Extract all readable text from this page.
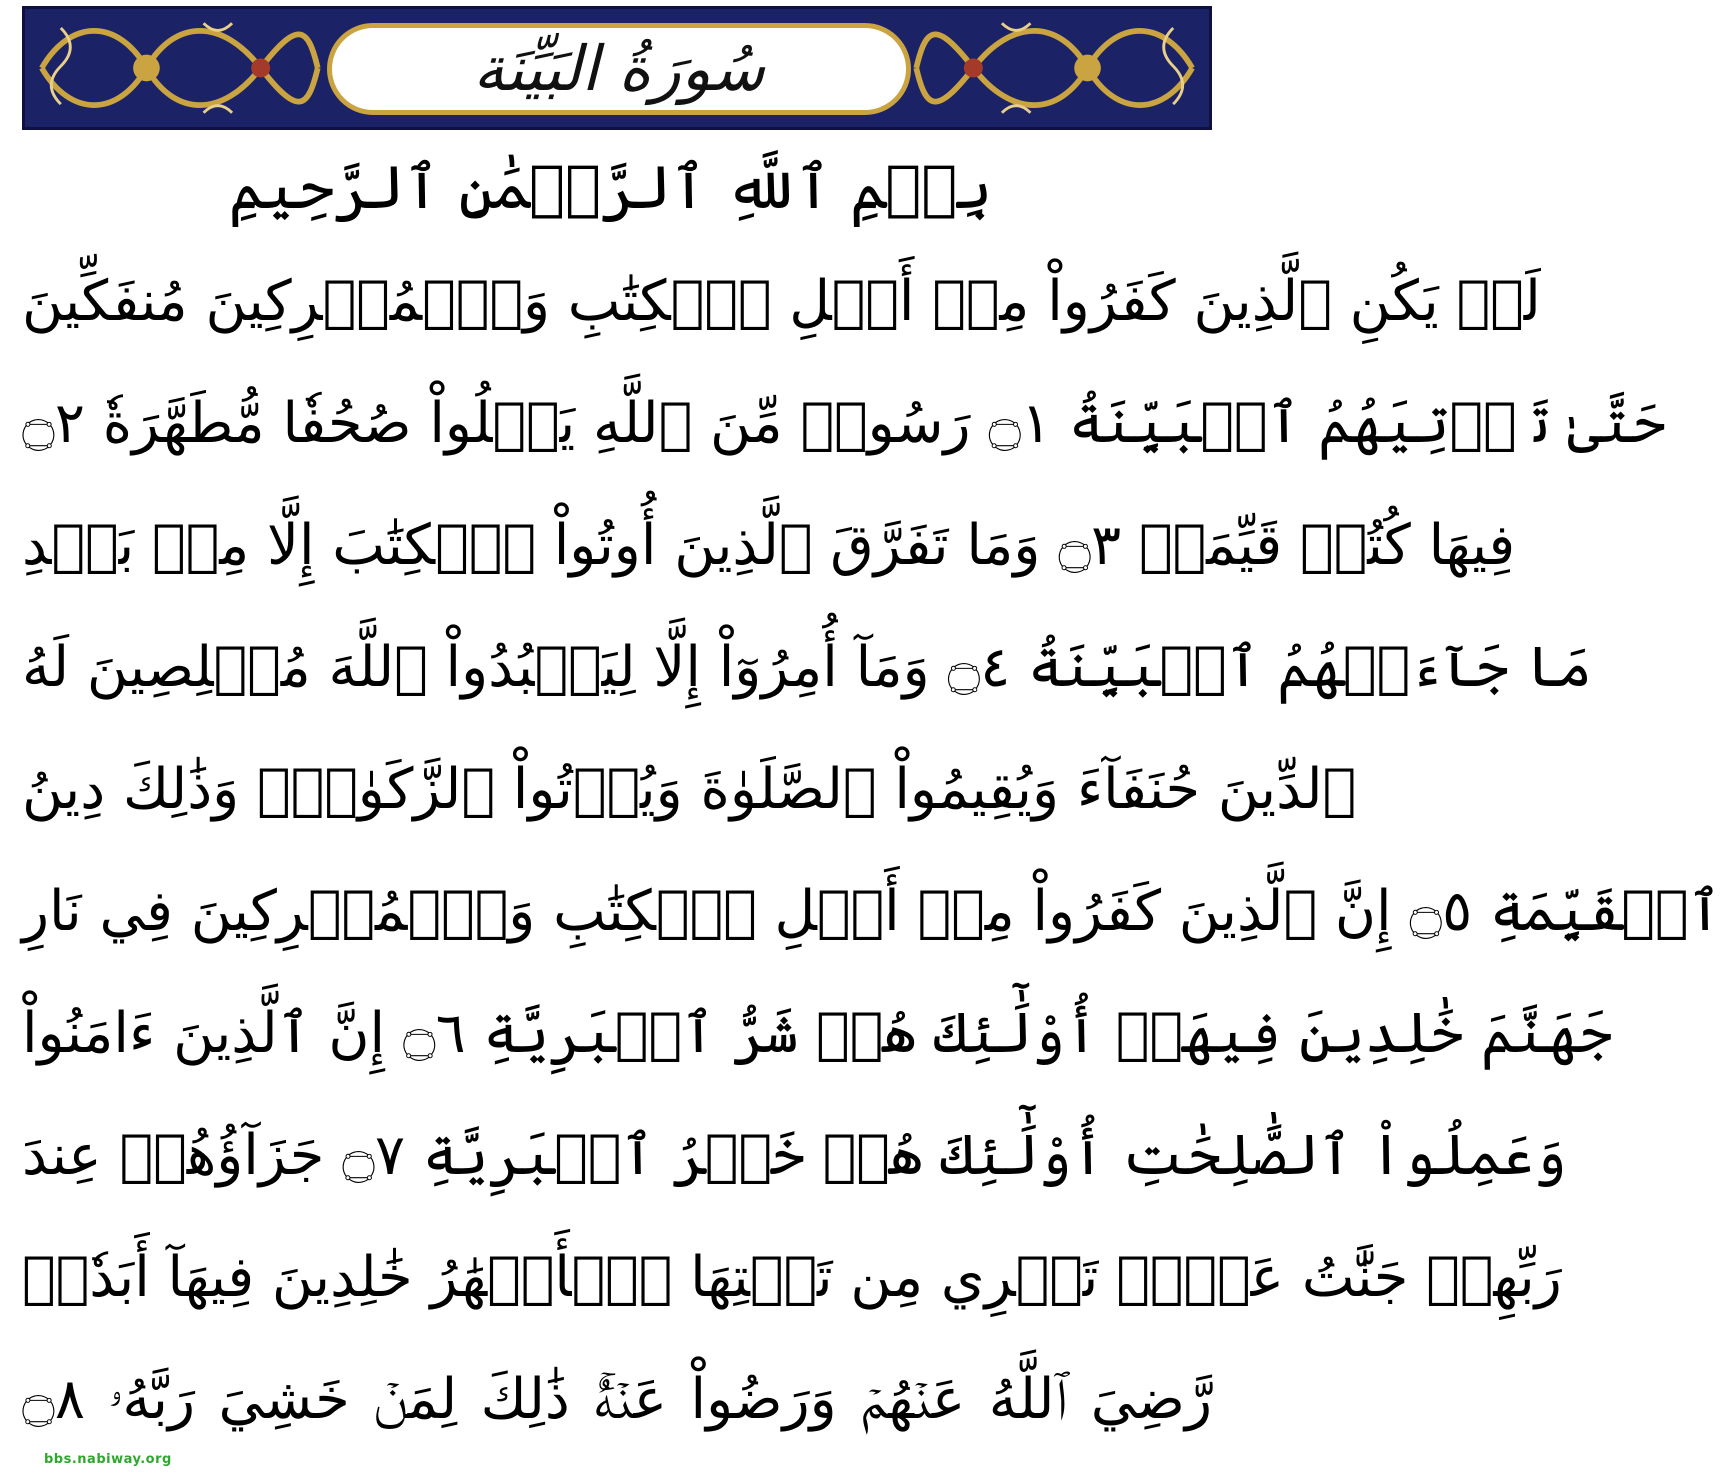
سُورَةُ البَيِّنَة
بِسۡمِ ٱللَّهِ ٱلرَّحۡمَٰنِ ٱلرَّحِيمِ
لَمۡ يَكُنِ ٱلَّذِينَ كَفَرُواْ مِنۡ أَهۡلِ ٱلۡكِتَٰبِ وَٱلۡمُشۡرِكِينَ مُنفَكِّينَ
حَتَّىٰ تَأۡتِيَهُمُ ٱلۡبَيِّنَةُ ۝١ رَسُولٞ مِّنَ ٱللَّهِ يَتۡلُواْ صُحُفٗا مُّطَهَّرَةٗ ۝٢
فِيهَا كُتُبٞ قَيِّمَةٞ ۝٣ وَمَا تَفَرَّقَ ٱلَّذِينَ أُوتُواْ ٱلۡكِتَٰبَ إِلَّا مِنۢ بَعۡدِ
مَا جَآءَتۡهُمُ ٱلۡبَيِّنَةُ ۝٤ وَمَآ أُمِرُوٓاْ إِلَّا لِيَعۡبُدُواْ ٱللَّهَ مُخۡلِصِينَ لَهُ
ٱلدِّينَ حُنَفَآءَ وَيُقِيمُواْ ٱلصَّلَوٰةَ وَيُؤۡتُواْ ٱلزَّكَوٰةَۚ وَذَٰلِكَ دِينُ
ٱلۡقَيِّمَةِ ۝٥ إِنَّ ٱلَّذِينَ كَفَرُواْ مِنۡ أَهۡلِ ٱلۡكِتَٰبِ وَٱلۡمُشۡرِكِينَ فِي نَارِ
جَهَنَّمَ خَٰلِدِينَ فِيهَآۚ أُوْلَٰٓئِكَ هُمۡ شَرُّ ٱلۡبَرِيَّةِ ۝٦ إِنَّ ٱلَّذِينَ ءَامَنُواْ
وَعَمِلُواْ ٱلصَّٰلِحَٰتِ أُوْلَٰٓئِكَ هُمۡ خَيۡرُ ٱلۡبَرِيَّةِ ۝٧ جَزَآؤُهُمۡ عِندَ
رَبِّهِمۡ جَنَّٰتُ عَدۡنٖ تَجۡرِي مِن تَحۡتِهَا ٱلۡأَنۡهَٰرُ خَٰلِدِينَ فِيهَآ أَبَدٗاۖ
رَّضِيَ ٱللَّهُ عَنۡهُمۡ وَرَضُواْ عَنۡهُۚ ذَٰلِكَ لِمَنۡ خَشِيَ رَبَّهُۥ ۝٨
bbs.nabiway.org
